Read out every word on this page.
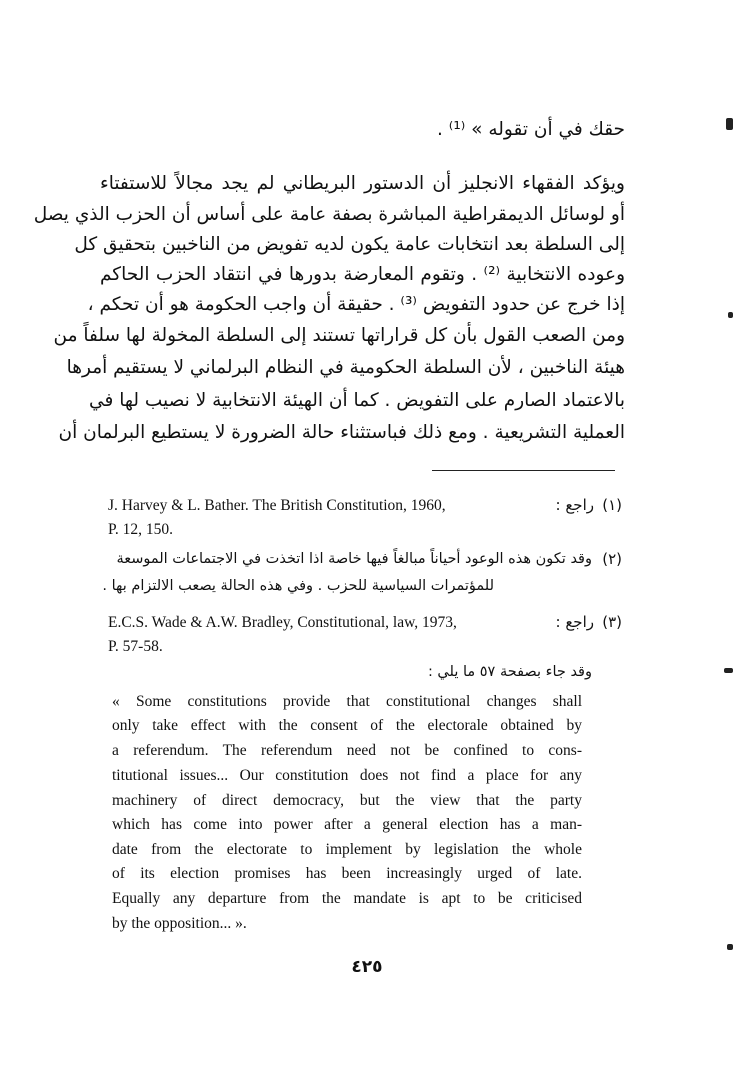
حقك في أن تقوله » ⁽¹⁾ .
ويؤكد الفقهاء الانجليز أن الدستور البريطاني لم يجد مجالاً للاستفتاء
أو لوسائل الديمقراطية المباشرة بصفة عامة على أساس أن الحزب الذي يصل
إلى السلطة بعد انتخابات عامة يكون لديه تفويض من الناخبين بتحقيق كل
وعوده الانتخابية ⁽²⁾ . وتقوم المعارضة بدورها في انتقاد الحزب الحاكم
إذا خرج عن حدود التفويض ⁽³⁾ . حقيقة أن واجب الحكومة هو أن تحكم ،
ومن الصعب القول بأن كل قراراتها تستند إلى السلطة المخولة لها سلفاً من
هيئة الناخبين ، لأن السلطة الحكومية في النظام البرلماني لا يستقيم أمرها
بالاعتماد الصارم على التفويض . كما أن الهيئة الانتخابية لا نصيب لها في
العملية التشريعية . ومع ذلك فباستثناء حالة الضرورة لا يستطيع البرلمان أن
(١)
راجع :
J. Harvey & L. Bather. The British Constitution, 1960,
P. 12, 150.
(٢)
وقد تكون هذه الوعود أحياناً مبالغاً فيها خاصة اذا اتخذت في الاجتماعات الموسعة
للمؤتمرات السياسية للحزب . وفي هذه الحالة يصعب الالتزام بها .
(٣)
راجع :
E.C.S. Wade & A.W. Bradley, Constitutional, law, 1973,
P. 57-58.
وقد جاء بصفحة ٥٧ ما يلي :
« Some constitutions provide that constitutional changes shall
only take effect with the consent of the electorale obtained by
a referendum. The referendum need not be confined to cons-
titutional issues... Our constitution does not find a place for any
machinery of direct democracy, but the view that the party
which has come into power after a general election has a man-
date from the electorate to implement by legislation the whole
of its election promises has been increasingly urged of late.
Equally any departure from the mandate is apt to be criticised
by the opposition... ».
٤٢٥
